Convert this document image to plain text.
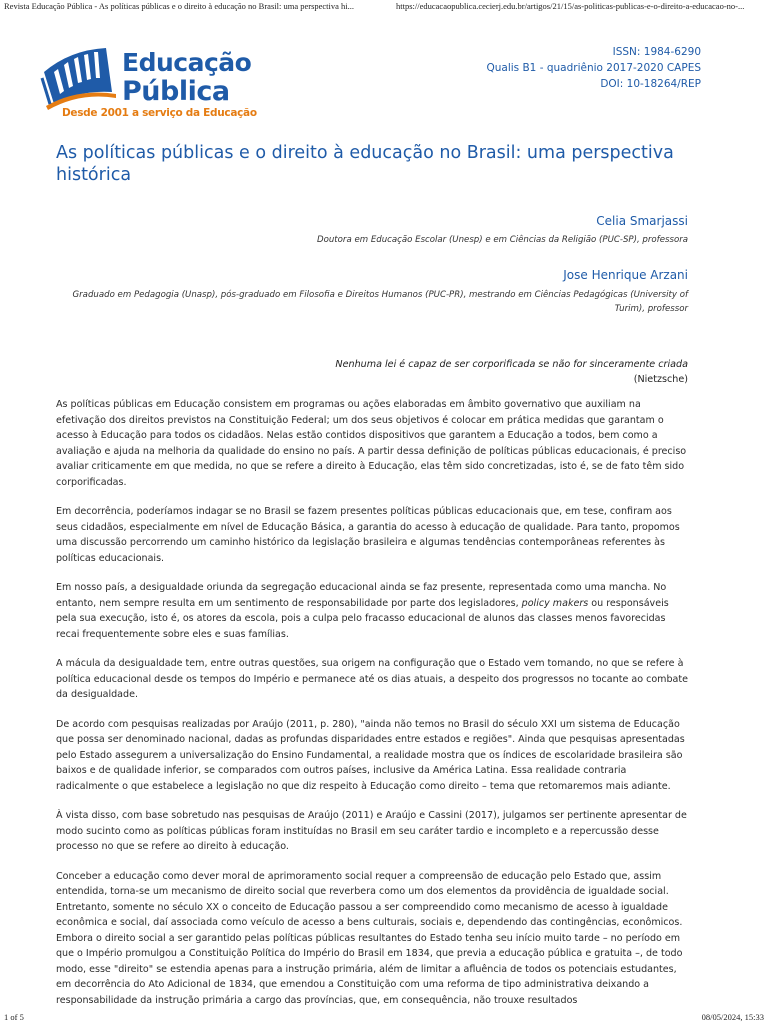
Revista Educação Pública - As políticas públicas e o direito à educação no Brasil: uma perspectiva hi...	https://educacaopublica.cecierj.edu.br/artigos/21/15/as-politicas-publicas-e-o-direito-a-educacao-no-...
Educação
Pública
Desde 2001 a serviço da Educação
ISSN: 1984-6290
Qualis B1 - quadriênio 2017-2020 CAPES
DOI: 10-18264/REP
As políticas públicas e o direito à educação no Brasil: uma perspectiva histórica
Celia Smarjassi
Doutora em Educação Escolar (Unesp) e em Ciências da Religião (PUC-SP), professora
Jose Henrique Arzani
Graduado em Pedagogia (Unasp), pós-graduado em Filosofia e Direitos Humanos (PUC-PR), mestrando em Ciências Pedagógicas (University of
Turim), professor
Nenhuma lei é capaz de ser corporificada se não for sinceramente criada
(Nietzsche)

As políticas públicas em Educação consistem em programas ou ações elaboradas em âmbito governativo que auxiliam na efetivação dos direitos previstos na Constituição Federal; um dos seus objetivos é colocar em prática medidas que garantam o acesso à Educação para todos os cidadãos. Nelas estão contidos dispositivos que garantem a Educação a todos, bem como a avaliação e ajuda na melhoria da qualidade do ensino no país. A partir dessa definição de políticas públicas educacionais, é preciso avaliar criticamente em que medida, no que se refere a direito à Educação, elas têm sido concretizadas, isto é, se de fato têm sido corporificadas.

Em decorrência, poderíamos indagar se no Brasil se fazem presentes políticas públicas educacionais que, em tese, confiram aos seus cidadãos, especialmente em nível de Educação Básica, a garantia do acesso à educação de qualidade. Para tanto, propomos uma discussão percorrendo um caminho histórico da legislação brasileira e algumas tendências contemporâneas referentes às políticas educacionais.

Em nosso país, a desigualdade oriunda da segregação educacional ainda se faz presente, representada como uma mancha. No entanto, nem sempre resulta em um sentimento de responsabilidade por parte dos legisladores, policy makers ou responsáveis pela sua execução, isto é, os atores da escola, pois a culpa pelo fracasso educacional de alunos das classes menos favorecidas recai frequentemente sobre eles e suas famílias.

A mácula da desigualdade tem, entre outras questões, sua origem na configuração que o Estado vem tomando, no que se refere à política educacional desde os tempos do Império e permanece até os dias atuais, a despeito dos progressos no tocante ao combate da desigualdade.

De acordo com pesquisas realizadas por Araújo (2011, p. 280), "ainda não temos no Brasil do século XXI um sistema de Educação que possa ser denominado nacional, dadas as profundas disparidades entre estados e regiões". Ainda que pesquisas apresentadas pelo Estado assegurem a universalização do Ensino Fundamental, a realidade mostra que os índices de escolaridade brasileira são baixos e de qualidade inferior, se comparados com outros países, inclusive da América Latina. Essa realidade contraria radicalmente o que estabelece a legislação no que diz respeito à Educação como direito – tema que retomaremos mais adiante.

À vista disso, com base sobretudo nas pesquisas de Araújo (2011) e Araújo e Cassini (2017), julgamos ser pertinente apresentar de modo sucinto como as políticas públicas foram instituídas no Brasil em seu caráter tardio e incompleto e a repercussão desse processo no que se refere ao direito à educação.

Conceber a educação como dever moral de aprimoramento social requer a compreensão de educação pelo Estado que, assim entendida, torna-se um mecanismo de direito social que reverbera como um dos elementos da providência de igualdade social. Entretanto, somente no século XX o conceito de Educação passou a ser compreendido como mecanismo de acesso à igualdade econômica e social, daí associada como veículo de acesso a bens culturais, sociais e, dependendo das contingências, econômicos. Embora o direito social a ser garantido pelas políticas públicas resultantes do Estado tenha seu início muito tarde – no período em que o Império promulgou a Constituição Política do Império do Brasil em 1834, que previa a educação pública e gratuita –, de todo modo, esse "direito" se estendia apenas para a instrução primária, além de limitar a afluência de todos os potenciais estudantes, em decorrência do Ato Adicional de 1834, que emendou a Constituição com uma reforma de tipo administrativa deixando a responsabilidade da instrução primária a cargo das províncias, que, em consequência, não trouxe resultados

1 of 5	08/05/2024, 15:33
